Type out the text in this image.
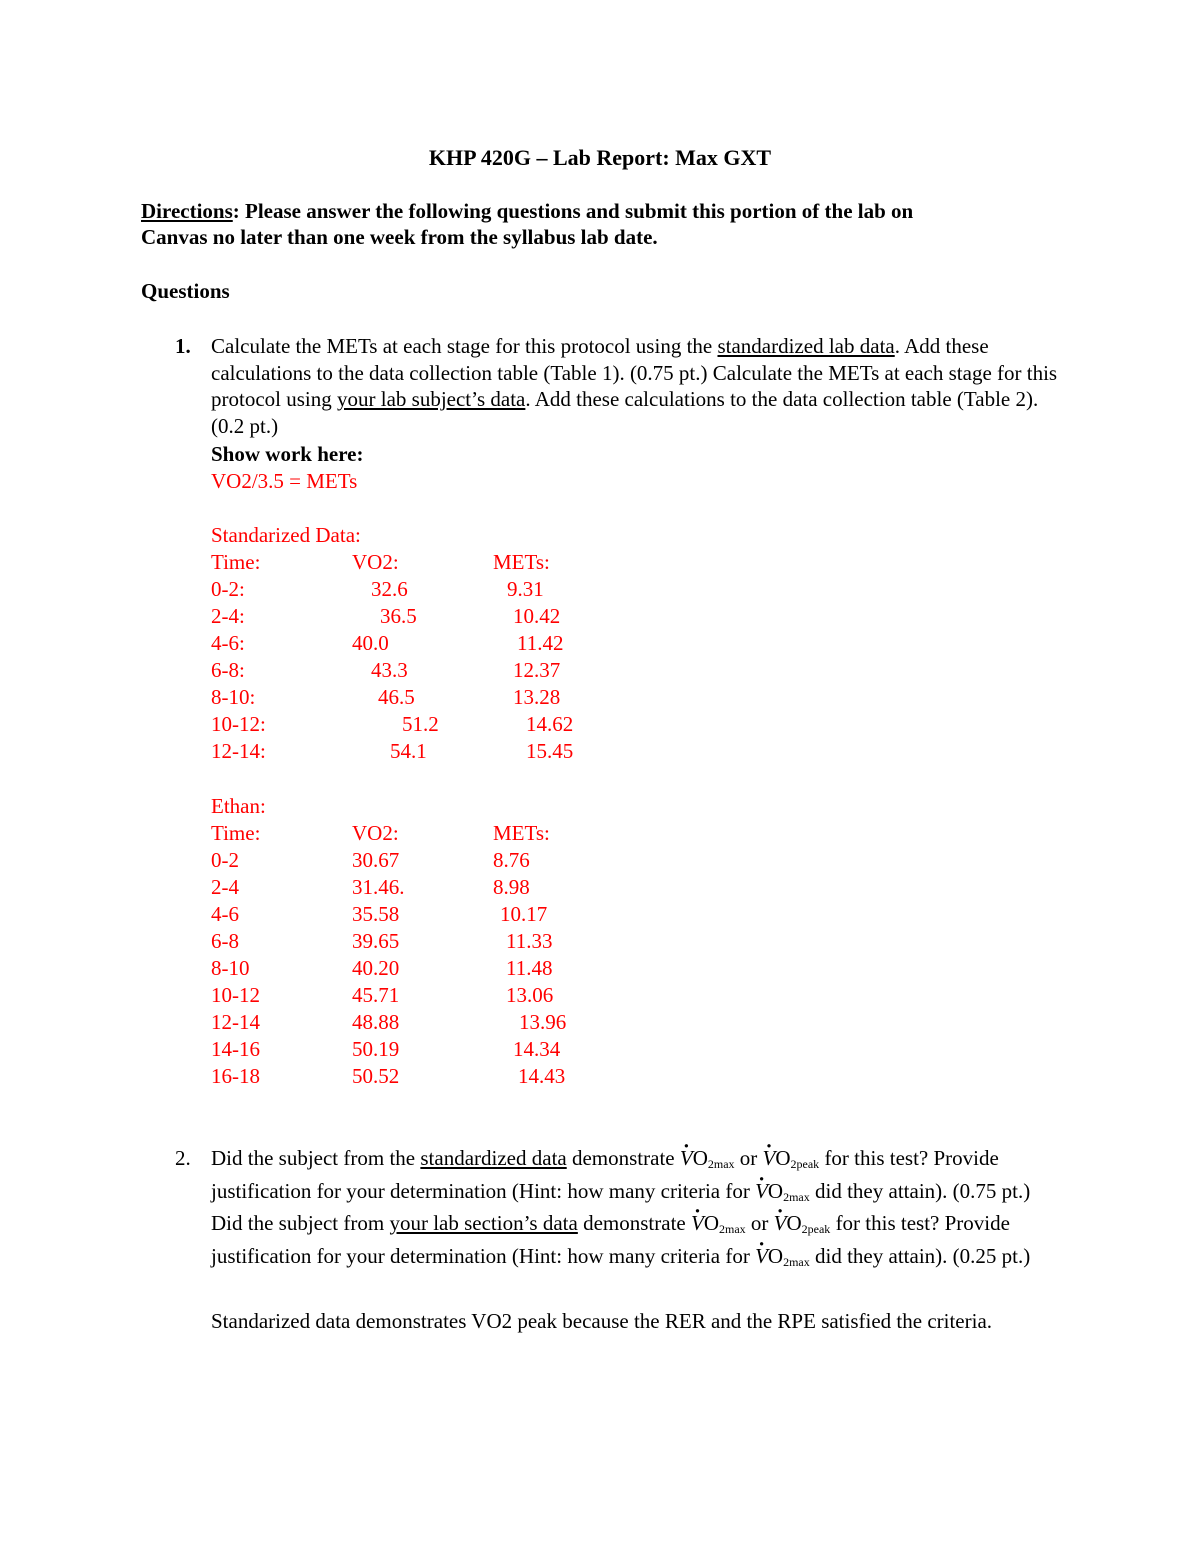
KHP 420G – Lab Report: Max GXT
Directions: Please answer the following questions and submit this portion of the lab on
Canvas no later than one week from the syllabus lab date.
Questions
1. Calculate the METs at each stage for this protocol using the standardized lab data. Add these calculations to the data collection table (Table 1). (0.75 pt.) Calculate the METs at each stage for this protocol using your lab subject’s data. Add these calculations to the data collection table (Table 2). (0.2 pt.)
Show work here:
VO2/3.5 = METs
Standarized Data:
Time:	VO2:	METs:
0-2:	32.6	9.31
2-4:	36.5	10.42
4-6:	40.0	11.42
6-8:	43.3	12.37
8-10:	46.5	13.28
10-12:	51.2	14.62
12-14:	54.1	15.45
Ethan:
Time:	VO2:	METs:
0-2	30.67	8.76
2-4	31.46.	8.98
4-6	35.58	10.17
6-8	39.65	11.33
8-10	40.20	11.48
10-12	45.71	13.06
12-14	48.88	13.96
14-16	50.19	14.34
16-18	50.52	14.43
2. Did the subject from the standardized data demonstrate · $VO_{2max}$ or · $VO_{2peak}$ for this test? Provide justification for your determination (Hint: how many criteria for · $VO_{2max}$ did they attain). (0.75 pt.) Did the subject from your lab section’s data demonstrate · $VO_{2max}$ or · $VO_{2peak}$ for this test? Provide justification for your determination (Hint: how many criteria for · $VO_{2max}$ did they attain). (0.25 pt.)
Standarized data demonstrates VO2 peak because the RER and the RPE satisfied the criteria.
